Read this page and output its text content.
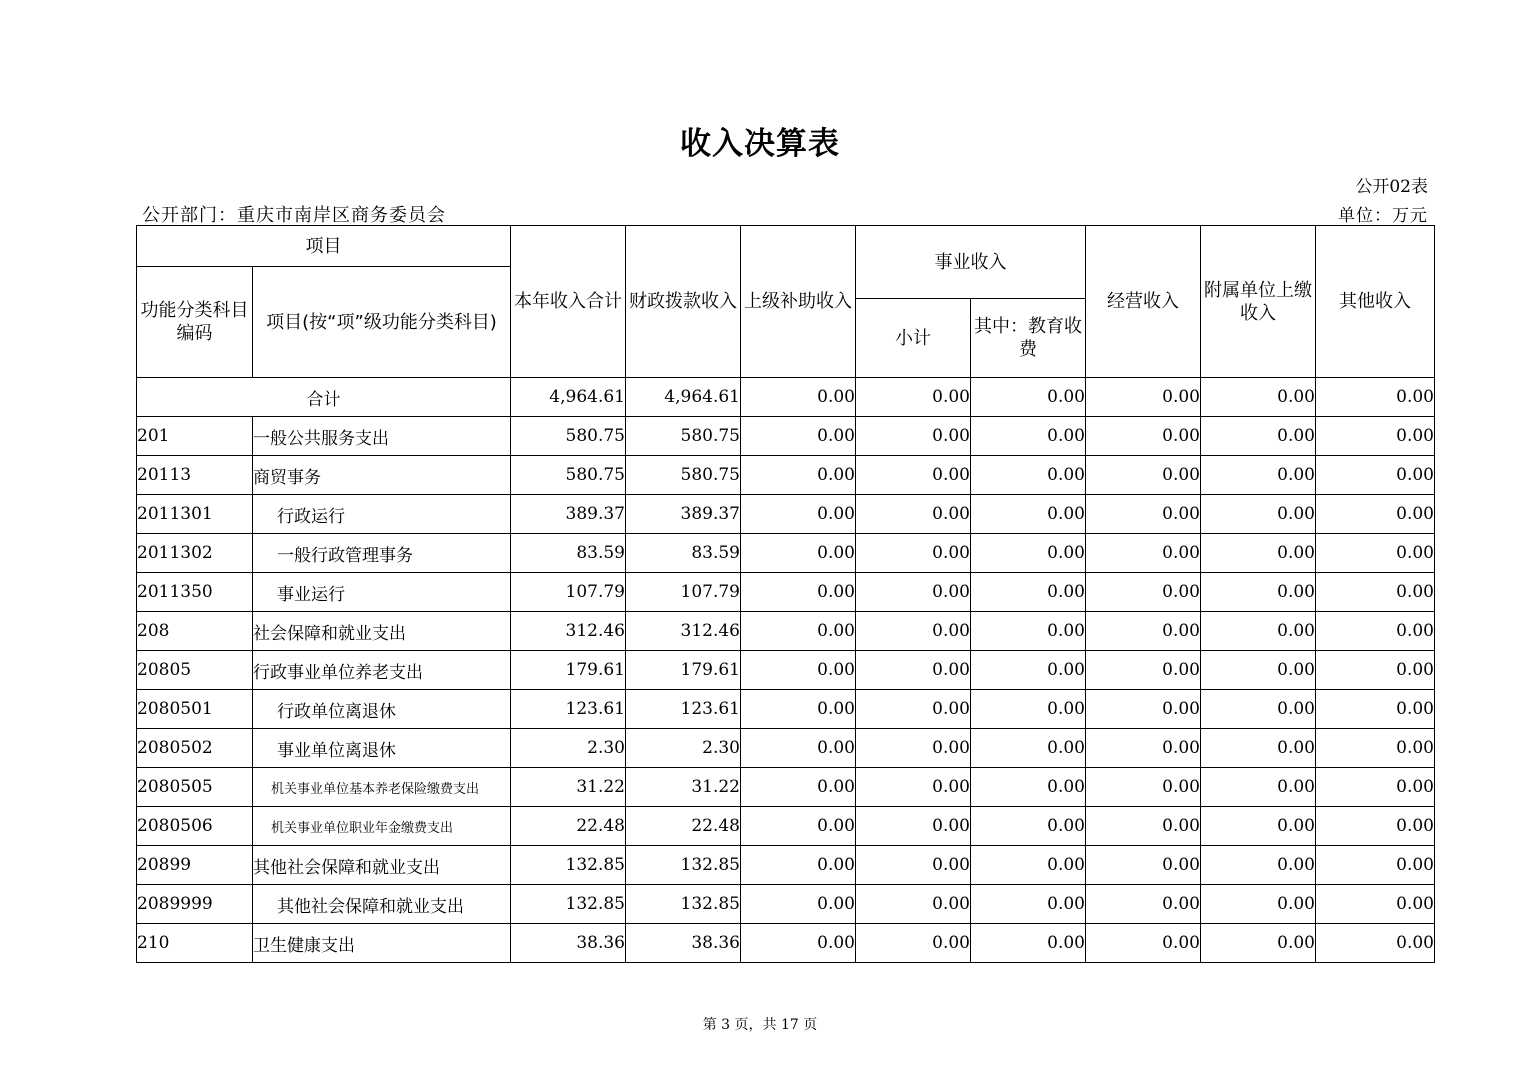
收入决算表
公开02表
公开部门：重庆市南岸区商务委员会	单位：万元
项目		本年收入合计	财政拨款收入	上级补助收入	事业收入		经营收入	附属单位上缴收入	其他收入
功能分类科目编码	项目(按“项”级功能分类科目)								
					小计	其中：教育收费			
合计		4,964.61	4,964.61	0.00	0.00	0.00	0.00	0.00	0.00
201	一般公共服务支出	580.75	580.75	0.00	0.00	0.00	0.00	0.00	0.00
20113	商贸事务	580.75	580.75	0.00	0.00	0.00	0.00	0.00	0.00
2011301	行政运行	389.37	389.37	0.00	0.00	0.00	0.00	0.00	0.00
2011302	一般行政管理事务	83.59	83.59	0.00	0.00	0.00	0.00	0.00	0.00
2011350	事业运行	107.79	107.79	0.00	0.00	0.00	0.00	0.00	0.00
208	社会保障和就业支出	312.46	312.46	0.00	0.00	0.00	0.00	0.00	0.00
20805	行政事业单位养老支出	179.61	179.61	0.00	0.00	0.00	0.00	0.00	0.00
2080501	行政单位离退休	123.61	123.61	0.00	0.00	0.00	0.00	0.00	0.00
2080502	事业单位离退休	2.30	2.30	0.00	0.00	0.00	0.00	0.00	0.00
2080505	机关事业单位基本养老保险缴费支出	31.22	31.22	0.00	0.00	0.00	0.00	0.00	0.00
2080506	机关事业单位职业年金缴费支出	22.48	22.48	0.00	0.00	0.00	0.00	0.00	0.00
20899	其他社会保障和就业支出	132.85	132.85	0.00	0.00	0.00	0.00	0.00	0.00
2089999	其他社会保障和就业支出	132.85	132.85	0.00	0.00	0.00	0.00	0.00	0.00
210	卫生健康支出	38.36	38.36	0.00	0.00	0.00	0.00	0.00	0.00
第 3 页，共 17 页
